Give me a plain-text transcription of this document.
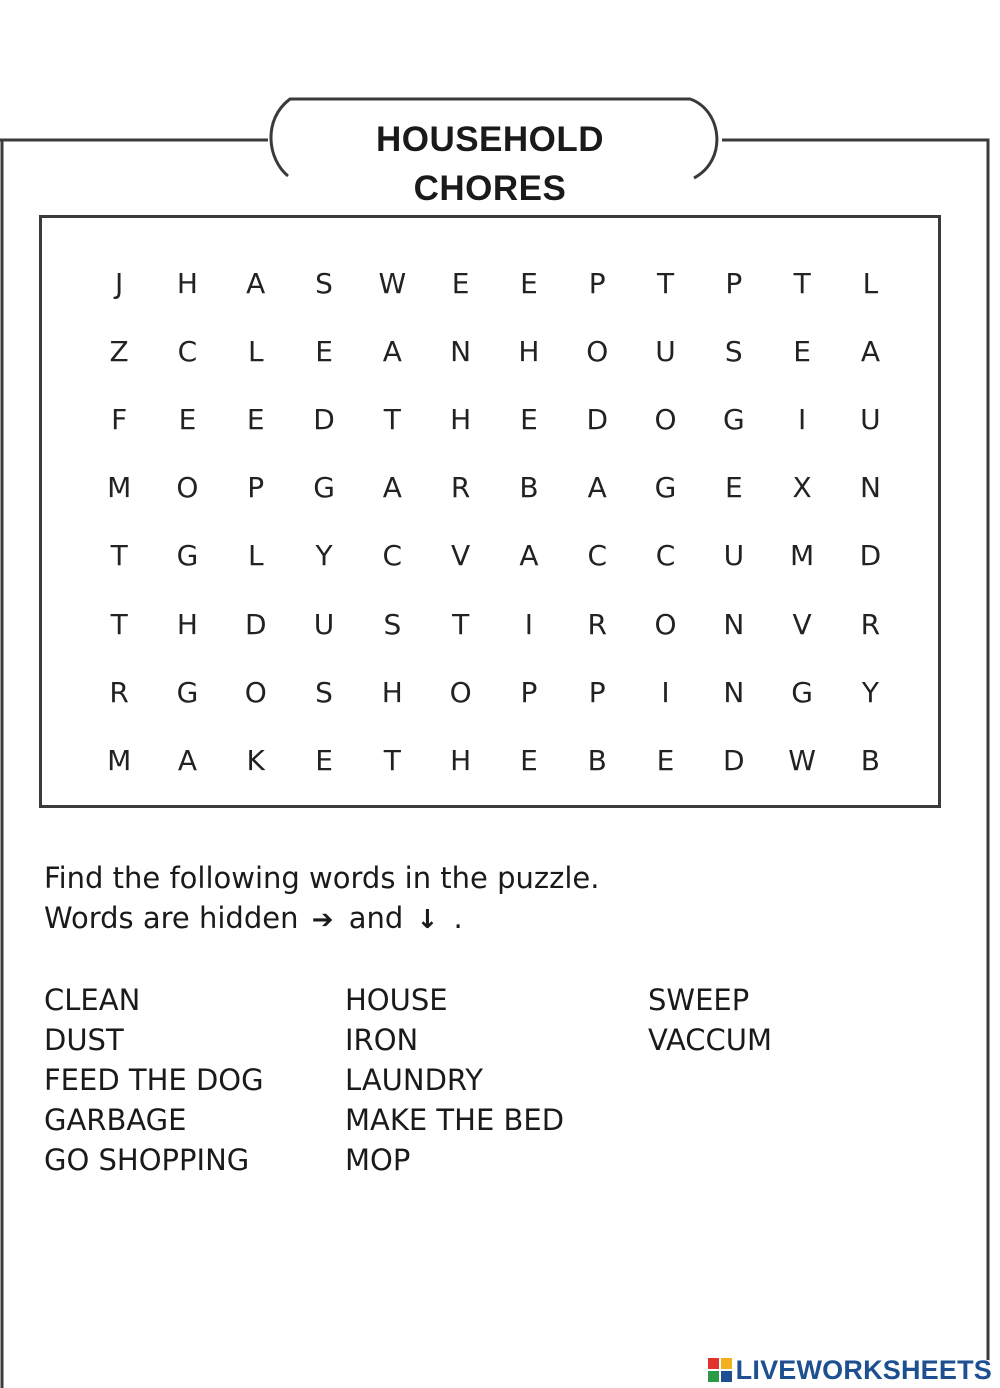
HOUSEHOLD
CHORES
J	H	A	S	W	E	E	P	T	P	T	L
Z	C	L	E	A	N	H	O	U	S	E	A
F	E	E	D	T	H	E	D	O	G	I	U
M	O	P	G	A	R	B	A	G	E	X	N
T	G	L	Y	C	V	A	C	C	U	M	D
T	H	D	U	S	T	I	R	O	N	V	R
R	G	O	S	H	O	P	P	I	N	G	Y
M	A	K	E	T	H	E	B	E	D	W	B
Find the following words in the puzzle.
Words are hidden ➔ and ↓ .
CLEAN
DUST
FEED THE DOG
GARBAGE
GO SHOPPING
HOUSE
IRON
LAUNDRY
MAKE THE BED
MOP
SWEEP
VACCUM
LIVEWORKSHEETS
